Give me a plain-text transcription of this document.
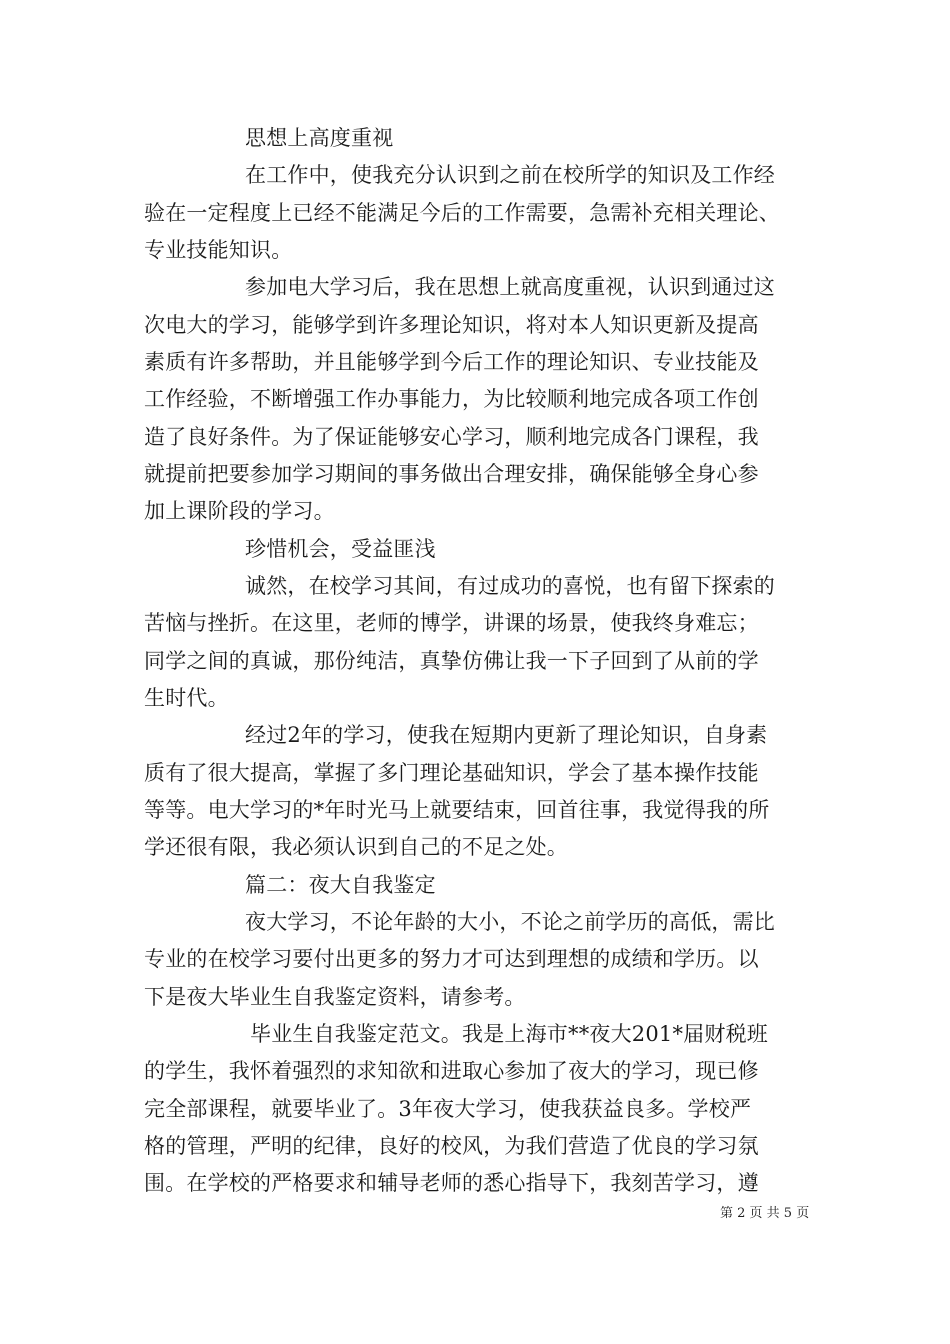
思想上高度重视
在工作中，使我充分认识到之前在校所学的知识及工作经
验在一定程度上已经不能满足今后的工作需要，急需补充相关理论、
专业技能知识。
参加电大学习后，我在思想上就高度重视，认识到通过这
次电大的学习，能够学到许多理论知识，将对本人知识更新及提高
素质有许多帮助，并且能够学到今后工作的理论知识、专业技能及
工作经验，不断增强工作办事能力，为比较顺利地完成各项工作创
造了良好条件。为了保证能够安心学习，顺利地完成各门课程，我
就提前把要参加学习期间的事务做出合理安排，确保能够全身心参
加上课阶段的学习。
珍惜机会，受益匪浅
诚然，在校学习其间，有过成功的喜悦，也有留下探索的
苦恼与挫折。在这里，老师的博学，讲课的场景，使我终身难忘；
同学之间的真诚，那份纯洁，真挚仿佛让我一下子回到了从前的学
生时代。
经过2年的学习，使我在短期内更新了理论知识，自身素
质有了很大提高，掌握了多门理论基础知识，学会了基本操作技能
等等。电大学习的*年时光马上就要结束，回首往事，我觉得我的所
学还很有限，我必须认识到自己的不足之处。
篇二：夜大自我鉴定
夜大学习，不论年龄的大小，不论之前学历的高低，需比
专业的在校学习要付出更多的努力才可达到理想的成绩和学历。以
下是夜大毕业生自我鉴定资料，请参考。
毕业生自我鉴定范文。我是上海市**夜大201*届财税班
的学生，我怀着强烈的求知欲和进取心参加了夜大的学习，现已修
完全部课程，就要毕业了。3年夜大学习，使我获益良多。学校严
格的管理，严明的纪律，良好的校风，为我们营造了优良的学习氛
围。在学校的严格要求和辅导老师的悉心指导下，我刻苦学习，遵
第 2 页 共 5 页
